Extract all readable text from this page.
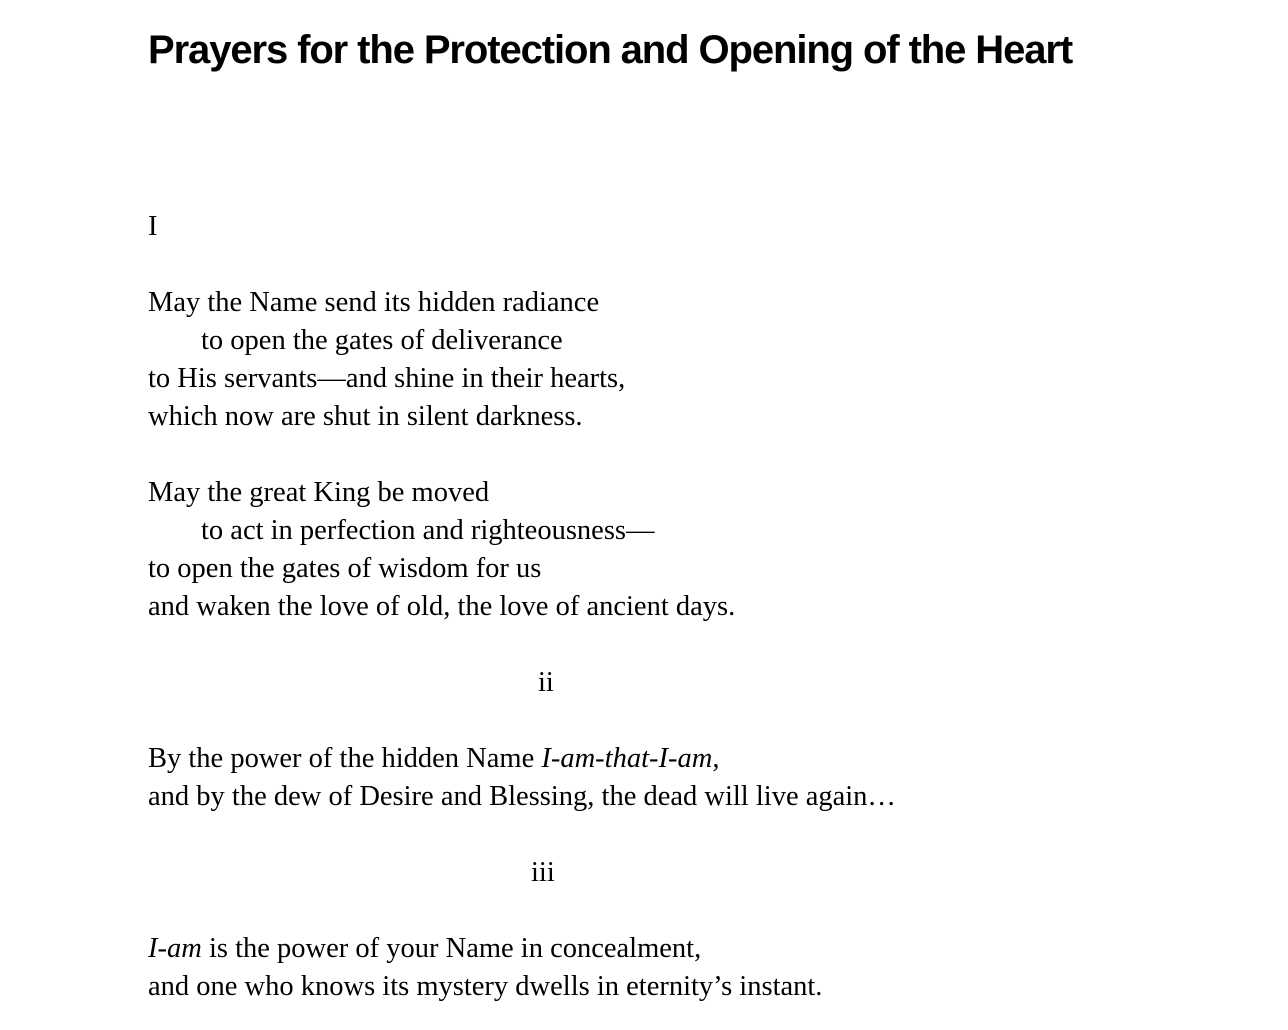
Prayers for the Protection and Opening of the Heart
I
May the Name send its hidden radiance
to open the gates of deliverance
to His servants—and shine in their hearts,
which now are shut in silent darkness.
May the great King be moved
to act in perfection and righteousness—
to open the gates of wisdom for us
and waken the love of old, the love of ancient days.
ii
By the power of the hidden Name I-am-that-I-am,
and by the dew of Desire and Blessing, the dead will live again…
iii
I-am is the power of your Name in concealment,
and one who knows its mystery dwells in eternity’s instant.
